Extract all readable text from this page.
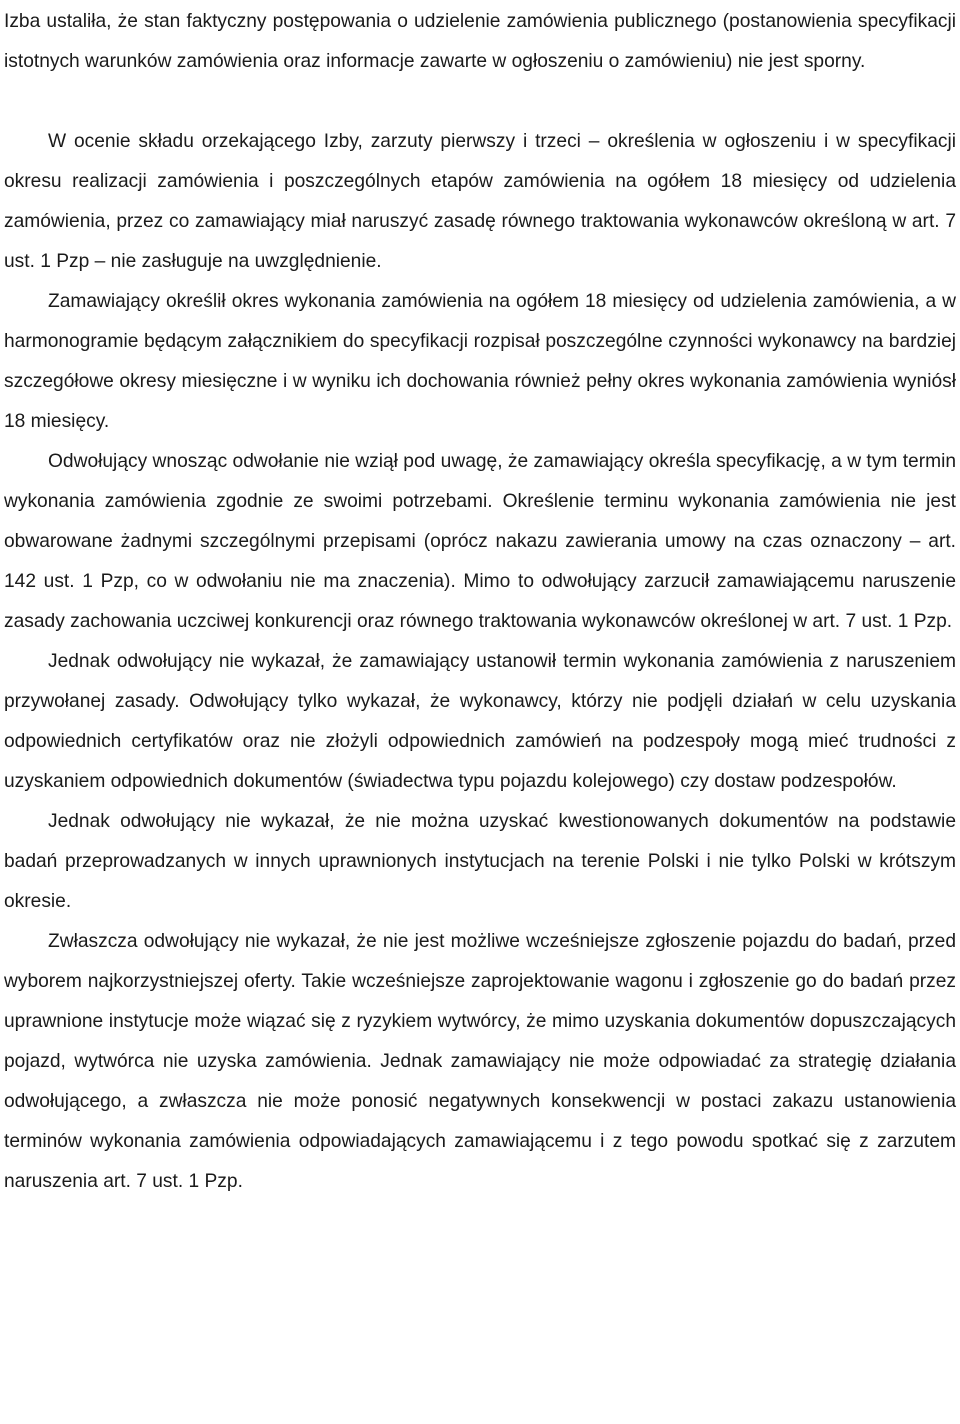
Izba ustaliła, że stan faktyczny postępowania o udzielenie zamówienia publicznego (postanowienia specyfikacji istotnych warunków zamówienia oraz informacje zawarte w ogłoszeniu o zamówieniu) nie jest sporny.

W ocenie składu orzekającego Izby, zarzuty pierwszy i trzeci – określenia w ogłoszeniu i w specyfikacji okresu realizacji zamówienia i poszczególnych etapów zamówienia na ogółem 18 miesięcy od udzielenia zamówienia, przez co zamawiający miał naruszyć zasadę równego traktowania wykonawców określoną w art. 7 ust. 1 Pzp – nie zasługuje na uwzględnienie.

Zamawiający określił okres wykonania zamówienia na ogółem 18 miesięcy od udzielenia zamówienia, a w harmonogramie będącym załącznikiem do specyfikacji rozpisał poszczególne czynności wykonawcy na bardziej szczegółowe okresy miesięczne i w wyniku ich dochowania również pełny okres wykonania zamówienia wyniósł 18 miesięcy.

Odwołujący wnosząc odwołanie nie wziął pod uwagę, że zamawiający określa specyfikację, a w tym termin wykonania zamówienia zgodnie ze swoimi potrzebami. Określenie terminu wykonania zamówienia nie jest obwarowane żadnymi szczególnymi przepisami (oprócz nakazu zawierania umowy na czas oznaczony – art. 142 ust. 1 Pzp, co w odwołaniu nie ma znaczenia). Mimo to odwołujący zarzucił zamawiającemu naruszenie zasady zachowania uczciwej konkurencji oraz równego traktowania wykonawców określonej w art. 7 ust. 1 Pzp.

Jednak odwołujący nie wykazał, że zamawiający ustanowił termin wykonania zamówienia z naruszeniem przywołanej zasady. Odwołujący tylko wykazał, że wykonawcy, którzy nie podjęli działań w celu uzyskania odpowiednich certyfikatów oraz nie złożyli odpowiednich zamówień na podzespoły mogą mieć trudności z uzyskaniem odpowiednich dokumentów (świadectwa typu pojazdu kolejowego) czy dostaw podzespołów.

Jednak odwołujący nie wykazał, że nie można uzyskać kwestionowanych dokumentów na podstawie badań przeprowadzanych w innych uprawnionych instytucjach na terenie Polski i nie tylko Polski w krótszym okresie.

Zwłaszcza odwołujący nie wykazał, że nie jest możliwe wcześniejsze zgłoszenie pojazdu do badań, przed wyborem najkorzystniejszej oferty. Takie wcześniejsze zaprojektowanie wagonu i zgłoszenie go do badań przez uprawnione instytucje może wiązać się z ryzykiem wytwórcy, że mimo uzyskania dokumentów dopuszczających pojazd, wytwórca nie uzyska zamówienia. Jednak zamawiający nie może odpowiadać za strategię działania odwołującego, a zwłaszcza nie może ponosić negatywnych konsekwencji w postaci zakazu ustanowienia terminów wykonania zamówienia odpowiadających zamawiającemu i z tego powodu spotkać się z zarzutem naruszenia art. 7 ust. 1 Pzp.
